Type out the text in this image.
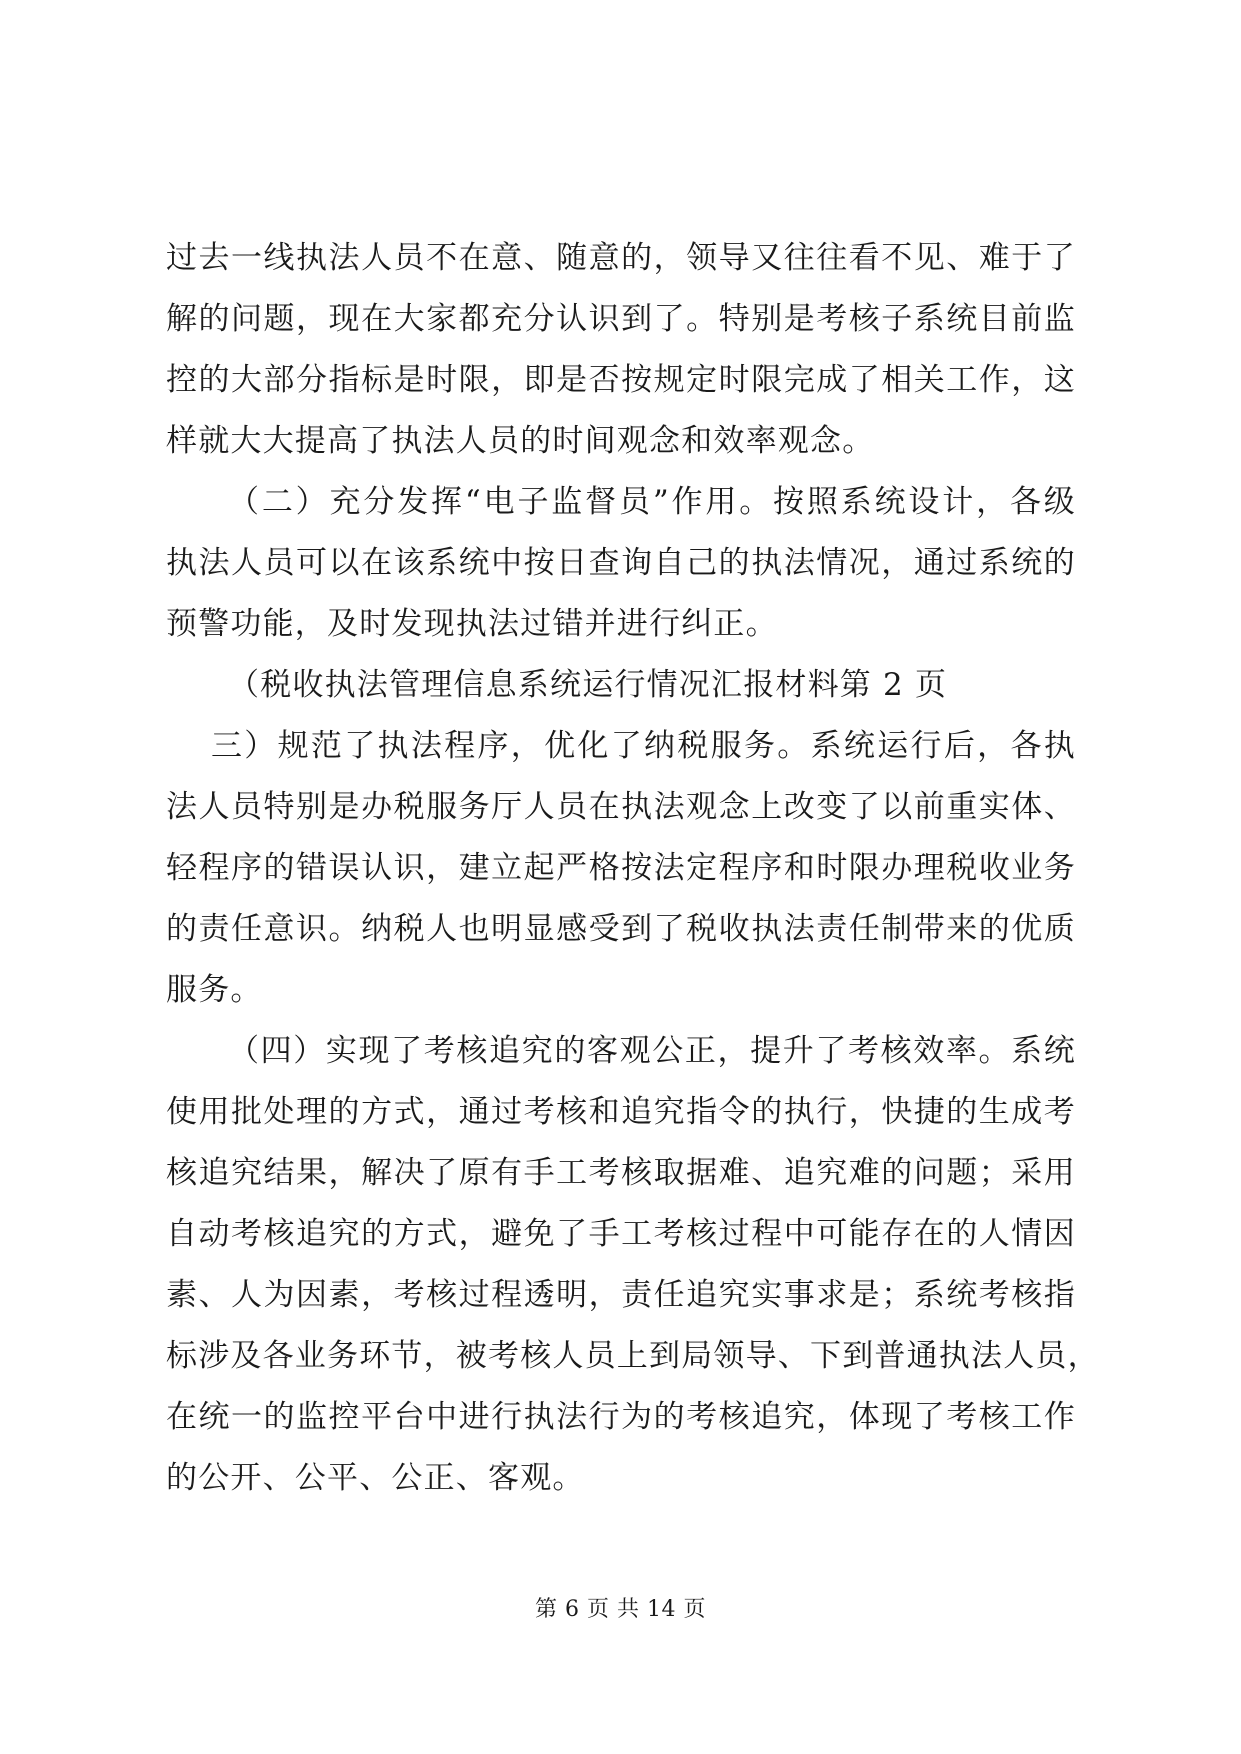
过去一线执法人员不在意、随意的，领导又往往看不见、难于了
解的问题，现在大家都充分认识到了。特别是考核子系统目前监
控的大部分指标是时限，即是否按规定时限完成了相关工作，这
样就大大提高了执法人员的时间观念和效率观念。
（二）充分发挥“电子监督员”作用。按照系统设计，各级
执法人员可以在该系统中按日查询自己的执法情况，通过系统的
预警功能，及时发现执法过错并进行纠正。
（税收执法管理信息系统运行情况汇报材料第 2 页
三）规范了执法程序，优化了纳税服务。系统运行后，各执
法人员特别是办税服务厅人员在执法观念上改变了以前重实体、
轻程序的错误认识，建立起严格按法定程序和时限办理税收业务
的责任意识。纳税人也明显感受到了税收执法责任制带来的优质
服务。
（四）实现了考核追究的客观公正，提升了考核效率。系统
使用批处理的方式，通过考核和追究指令的执行，快捷的生成考
核追究结果，解决了原有手工考核取据难、追究难的问题；采用
自动考核追究的方式，避免了手工考核过程中可能存在的人情因
素、人为因素，考核过程透明，责任追究实事求是；系统考核指
标涉及各业务环节，被考核人员上到局领导、下到普通执法人员，
在统一的监控平台中进行执法行为的考核追究，体现了考核工作
的公开、公平、公正、客观。
第 6 页 共 14 页
